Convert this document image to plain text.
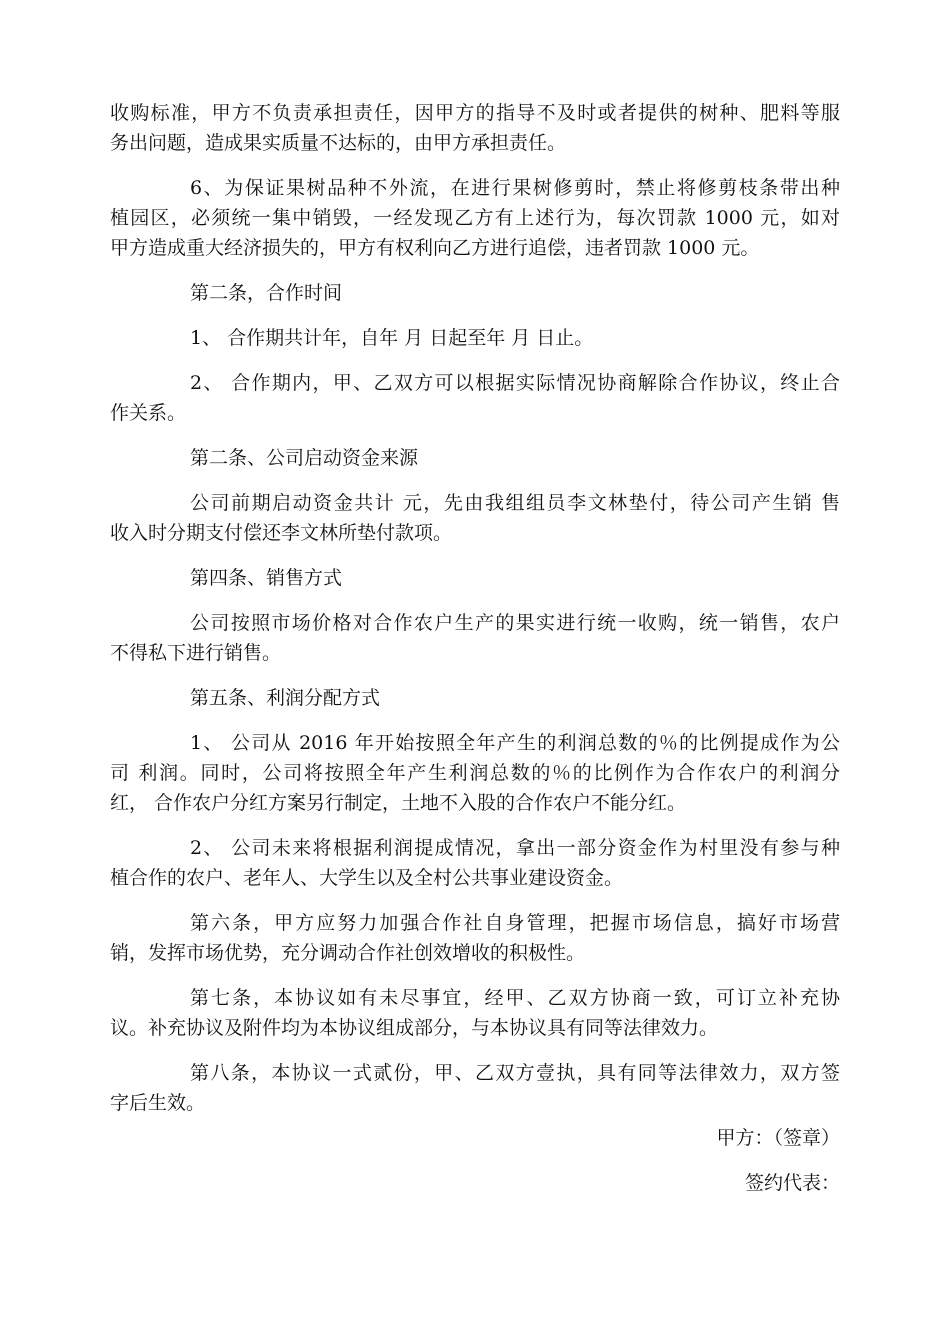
收购标准，甲方不负责承担责任，因甲方的指导不及时或者提供的树种、肥料等服
务出问题，造成果实质量不达标的，由甲方承担责任。
6、为保证果树品种不外流，在进行果树修剪时，禁止将修剪枝条带出种
植园区，必须统一集中销毁，一经发现乙方有上述行为，每次罚款 1000 元，如对
甲方造成重大经济损失的，甲方有权利向乙方进行追偿，违者罚款 1000 元。
第二条，合作时间
1、 合作期共计年，自年 月 日起至年 月 日止。
2、 合作期内，甲、乙双方可以根据实际情况协商解除合作协议，终止合
作关系。
第二条、公司启动资金来源
公司前期启动资金共计 元，先由我组组员李文林垫付，待公司产生销 售
收入时分期支付偿还李文林所垫付款项。
第四条、销售方式
公司按照市场价格对合作农户生产的果实进行统一收购，统一销售，农户
不得私下进行销售。
第五条、利润分配方式
1、 公司从 2016 年开始按照全年产生的利润总数的％的比例提成作为公
司 利润。同时，公司将按照全年产生利润总数的％的比例作为合作农户的利润分
红， 合作农户分红方案另行制定，土地不入股的合作农户不能分红。
2、 公司未来将根据利润提成情况，拿出一部分资金作为村里没有参与种
植合作的农户、老年人、大学生以及全村公共事业建设资金。
第六条，甲方应努力加强合作社自身管理，把握市场信息，搞好市场营
销，发挥市场优势，充分调动合作社创效增收的积极性。
第七条，本协议如有未尽事宜，经甲、乙双方协商一致，可订立补充协
议。补充协议及附件均为本协议组成部分，与本协议具有同等法律效力。
第八条，本协议一式贰份，甲、乙双方壹执，具有同等法律效力，双方签
字后生效。
甲方：（签章）
签约代表：
